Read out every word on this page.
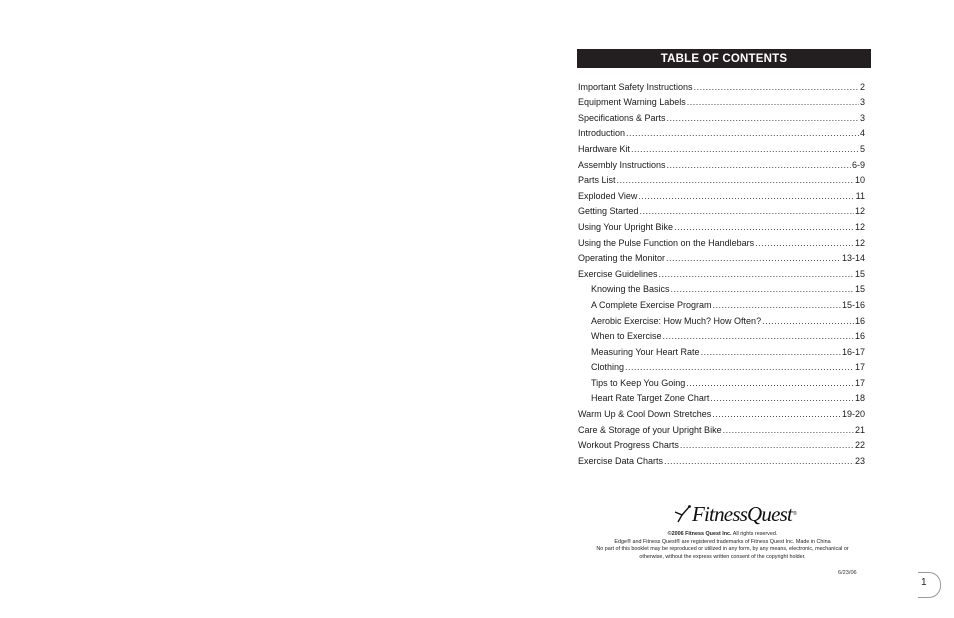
TABLE OF CONTENTS
Important Safety Instructions .....	2
Equipment Warning Labels .....	3
Specifications & Parts .....	3
Introduction .....	4
Hardware Kit .....	5
Assembly Instructions .....	6-9
Parts List .....	10
Exploded View .....	11
Getting Started .....	12
Using Your Upright Bike .....	12
Using the Pulse Function on the Handlebars .....	12
Operating the Monitor .....	13-14
Exercise Guidelines .....	15
Knowing the Basics .....	15
A Complete Exercise Program .....	15-16
Aerobic Exercise: How Much? How Often? .....	16
When to Exercise .....	16
Measuring Your Heart Rate .....	16-17
Clothing .....	17
Tips to Keep You Going .....	17
Heart Rate Target Zone Chart .....	18
Warm Up & Cool Down Stretches .....	19-20
Care & Storage of your Upright Bike .....	21
Workout Progress Charts .....	22
Exercise Data Charts .....	23
FitnessQuest ®
©2006 Fitness Quest Inc. All rights reserved.
Edge® and Fitness Quest® are registered trademarks of Fitness Quest Inc. Made in China
No part of this booklet may be reproduced or utilized in any form, by any means, electronic, mechanical or otherwise, without the express written consent of the copyright holder.
6/23/06
1
